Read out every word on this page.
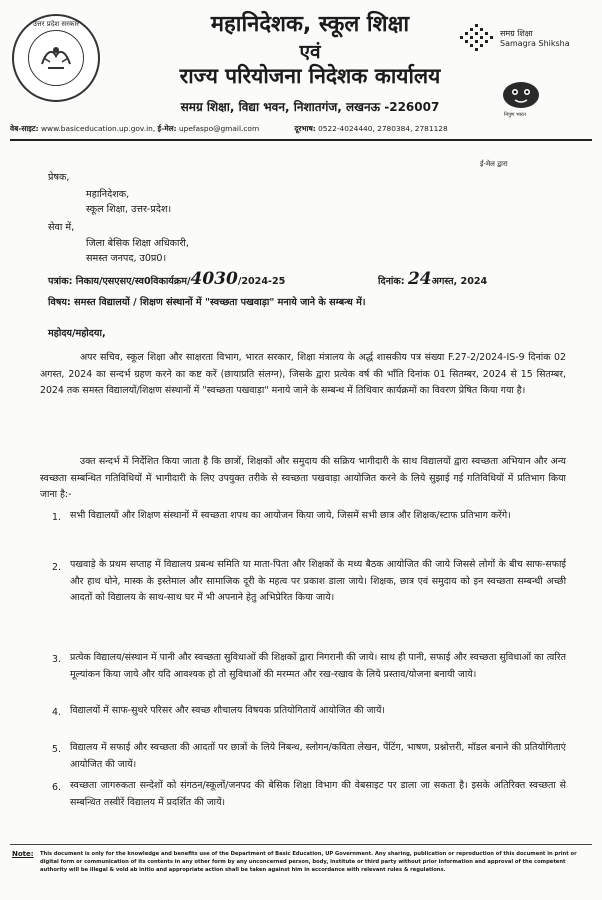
उत्तर प्रदेश सरकार	महानिदेशक, स्कूल शिक्षा
एवं
राज्य परियोजना निदेशक कार्यालय
समग्र शिक्षा, विद्या भवन, निशातगंज, लखनऊ -226007
समग्र शिक्षा
Samagra Shiksha
निपुण भारत
वेब-साइट: www.basiceducation.up.gov.in, ई-मेल: upefaspo@gmail.com	दूरभाष: 0522-4024440, 2780384, 2781128
ई-मेल द्वारा
प्रेषक,
महानिदेशक,
स्कूल शिक्षा, उत्तर-प्रदेश।
सेवा में,
जिला बेसिक शिक्षा अधिकारी,
समस्त जनपद, उ0प्र0।
पत्रांक: निकाय/एसएसए/स्व0विकार्यक्रम/4030/2024-25	दिनांक: 24अगस्त, 2024
विषय: समस्त विद्यालयों / शिक्षण संस्थानों में "स्वच्छता पखवाड़ा" मनाये जाने के सम्बन्ध में।
महोदय/महोदया,
अपर सचिव, स्कूल शिक्षा और साक्षरता विभाग, भारत सरकार, शिक्षा मंत्रालय के अर्द्ध शासकीय पत्र संख्या F.27-2/2024-IS-9 दिनांक 02 अगस्त, 2024 का सन्दर्भ ग्रहण करने का कष्ट करें (छायाप्रति संलग्न), जिसके द्वारा प्रत्येक वर्ष की भाँति दिनांक 01 सितम्बर, 2024 से 15 सितम्बर, 2024 तक समस्त विद्यालयों/शिक्षण संस्थानों में "स्वच्छता पखवाड़ा" मनाये जाने के सम्बन्ध में तिथिवार कार्यक्रमों का विवरण प्रेषित किया गया है।
उक्त सन्दर्भ में निर्देशित किया जाता है कि छात्रों, शिक्षकों और समुदाय की सक्रिय भागीदारी के साथ विद्यालयों द्वारा स्वच्छता अभियान और अन्य स्वच्छता सम्बन्धित गतिविधियों में भागीदारी के लिए उपयुक्त तरीके से स्वच्छता पखवाड़ा आयोजित करने के लिये सुझाई गई गतिविधियों में प्रतिभाग किया जाना है:-
1. सभी विद्यालयों और शिक्षण संस्थानों में स्वच्छता शपथ का आयोजन किया जाये, जिसमें सभी छात्र और शिक्षक/स्टाफ प्रतिभाग करेंगे।
2. पखवाड़े के प्रथम सप्ताह में विद्यालय प्रबन्ध समिति या माता-पिता और शिक्षकों के मध्य बैठक आयोजित की जाये जिससे लोगों के बीच साफ-सफाई और हाथ धोने, मास्क के इस्तेमाल और सामाजिक दूरी के महत्व पर प्रकाश डाला जाये। शिक्षक, छात्र एवं समुदाय को इन स्वच्छता सम्बन्धी अच्छी आदतों को विद्यालय के साथ-साथ घर में भी अपनाने हेतु अभिप्रेरित किया जाये।
3. प्रत्येक विद्यालय/संस्थान में पानी और स्वच्छता सुविधाओं की शिक्षकों द्वारा निगरानी की जाये। साथ ही पानी, सफाई और स्वच्छता सुविधाओं का त्वरित मूल्यांकन किया जाये और यदि आवश्यक हो तो सुविधाओं की मरम्मत और रख-रखाव के लिये प्रस्ताव/योजना बनायी जाये।
4. विद्यालयों में साफ-सुथरे परिसर और स्वच्छ शौचालय विषयक प्रतियोगितायें आयोजित की जायें।
5. विद्यालय में सफाई और स्वच्छता की आदतों पर छात्रों के लिये निबन्ध, स्लोगन/कविता लेखन, पेंटिंग, भाषण, प्रश्नोत्तरी, मॉडल बनाने की प्रतियोगिताएं आयोजित की जायें।
6. स्वच्छता जागरुकता सन्देशों को संगठन/स्कूलों/जनपद की बेसिक शिक्षा विभाग की वेबसाइट पर डाला जा सकता है। इसके अतिरिक्त स्वच्छता से सम्बन्धित तस्वीरें विद्यालय में प्रदर्शित की जायें।
Note: This document is only for the knowledge and benefits use of the Department of Basic Education, UP Government. Any sharing, publication or reproduction of this document in print or digital form or communication of its contents in any other form by any unconcerned person, body, institute or third party without prior information and approval of the competent authority will be illegal & void ab initio and appropriate action shall be taken against him in accordance with relevant rules & regulations.
